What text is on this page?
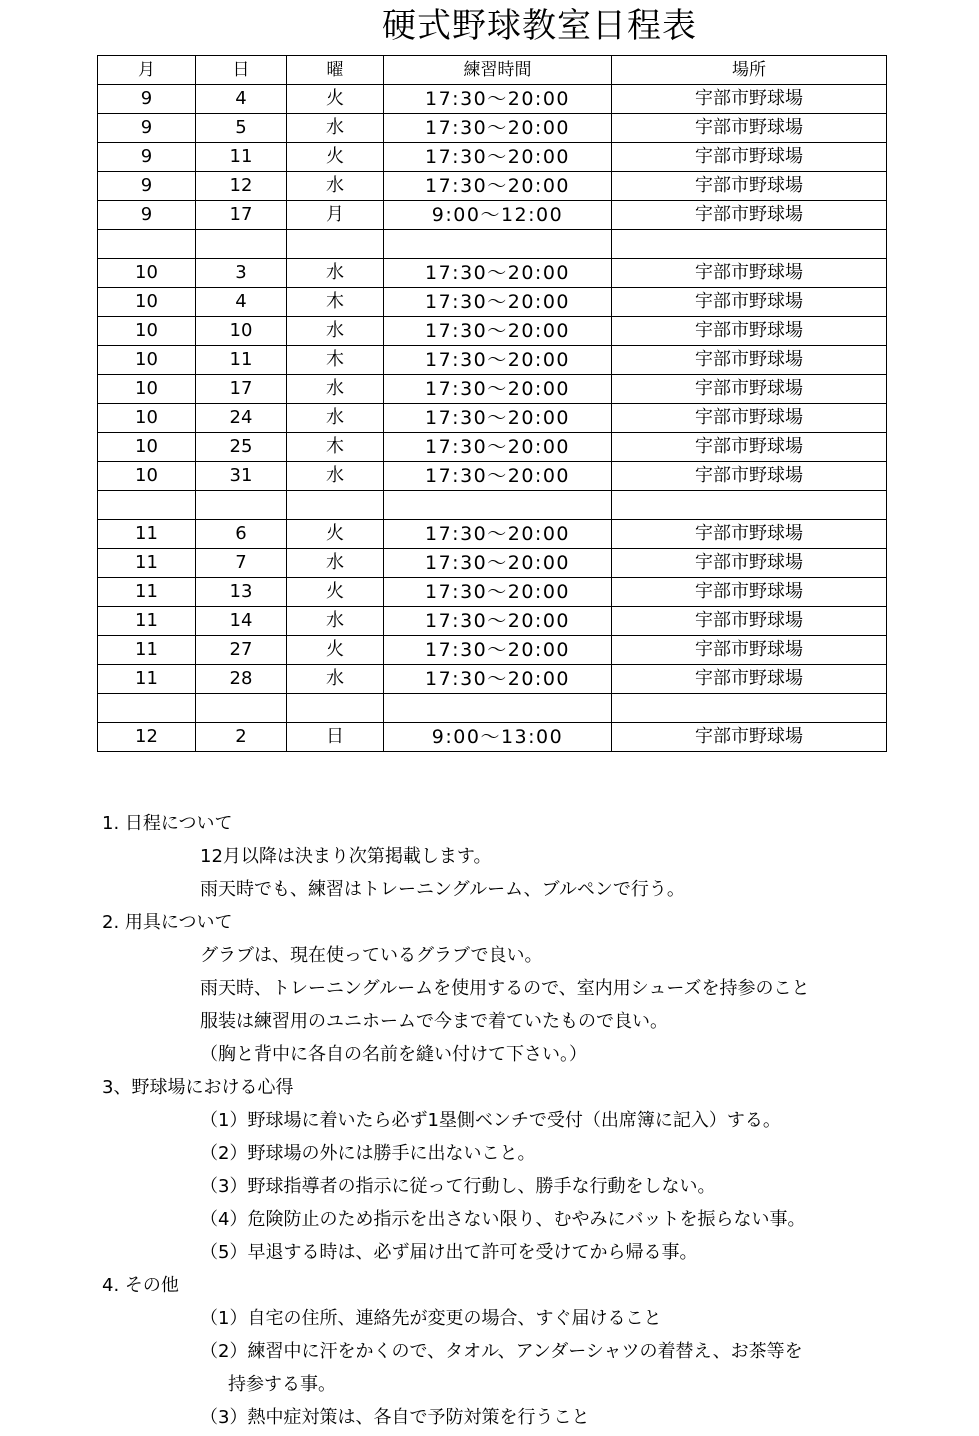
硬式野球教室日程表
月	日	曜	練習時間	場所
9	4	火	17:30〜20:00	宇部市野球場
9	5	水	17:30〜20:00	宇部市野球場
9	11	火	17:30〜20:00	宇部市野球場
9	12	水	17:30〜20:00	宇部市野球場
9	17	月	9:00〜12:00	宇部市野球場

10	3	水	17:30〜20:00	宇部市野球場
10	4	木	17:30〜20:00	宇部市野球場
10	10	水	17:30〜20:00	宇部市野球場
10	11	木	17:30〜20:00	宇部市野球場
10	17	水	17:30〜20:00	宇部市野球場
10	24	水	17:30〜20:00	宇部市野球場
10	25	木	17:30〜20:00	宇部市野球場
10	31	水	17:30〜20:00	宇部市野球場

11	6	火	17:30〜20:00	宇部市野球場
11	7	水	17:30〜20:00	宇部市野球場
11	13	火	17:30〜20:00	宇部市野球場
11	14	水	17:30〜20:00	宇部市野球場
11	27	火	17:30〜20:00	宇部市野球場
11	28	水	17:30〜20:00	宇部市野球場

12	2	日	9:00〜13:00	宇部市野球場
1. 日程について
12月以降は決まり次第掲載します。
雨天時でも、練習はトレーニングルーム、ブルペンで行う。
2. 用具について
グラブは、現在使っているグラブで良い。
雨天時、トレーニングルームを使用するので、室内用シューズを持参のこと
服装は練習用のユニホームで今まで着ていたもので良い。
（胸と背中に各自の名前を縫い付けて下さい。）
3、野球場における心得
（1）野球場に着いたら必ず1塁側ベンチで受付（出席簿に記入）する。
（2）野球場の外には勝手に出ないこと。
（3）野球指導者の指示に従って行動し、勝手な行動をしない。
（4）危険防止のため指示を出さない限り、むやみにバットを振らない事。
（5）早退する時は、必ず届け出て許可を受けてから帰る事。
4. その他
（1）自宅の住所、連絡先が変更の場合、すぐ届けること
（2）練習中に汗をかくので、タオル、アンダーシャツの着替え、お茶等を
持参する事。
（3）熱中症対策は、各自で予防対策を行うこと
